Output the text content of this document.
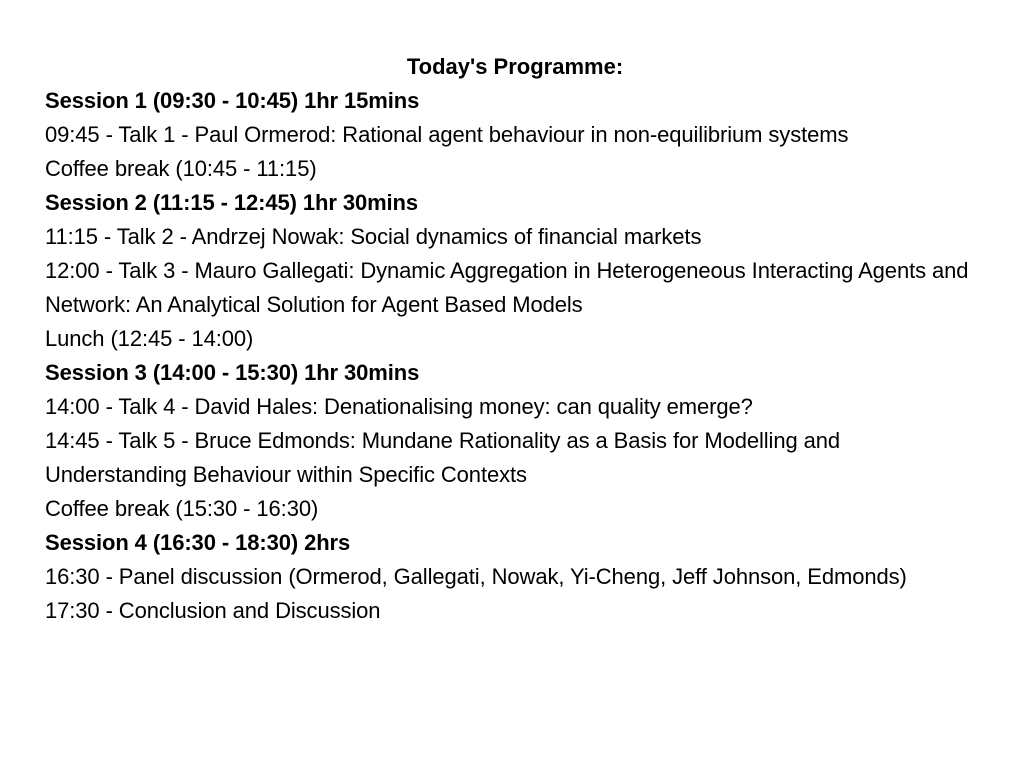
Today's Programme:
Session 1 (09:30 - 10:45) 1hr 15mins
09:45 - Talk 1 - Paul Ormerod: Rational agent behaviour in non-equilibrium systems
Coffee break (10:45 - 11:15)
Session 2 (11:15 - 12:45) 1hr 30mins
11:15 - Talk 2 - Andrzej Nowak: Social dynamics of financial markets
12:00 - Talk 3 - Mauro Gallegati: Dynamic Aggregation in Heterogeneous Interacting Agents and Network: An Analytical Solution for Agent Based Models
Lunch (12:45 - 14:00)
Session 3 (14:00 - 15:30) 1hr 30mins
14:00 - Talk 4 - David Hales: Denationalising money: can quality emerge?
14:45 - Talk 5 - Bruce Edmonds: Mundane Rationality as a Basis for Modelling and Understanding Behaviour within Specific Contexts
Coffee break (15:30 - 16:30)
Session 4 (16:30 - 18:30) 2hrs
16:30 - Panel discussion (Ormerod, Gallegati, Nowak, Yi-Cheng, Jeff Johnson, Edmonds)
17:30 - Conclusion and Discussion
